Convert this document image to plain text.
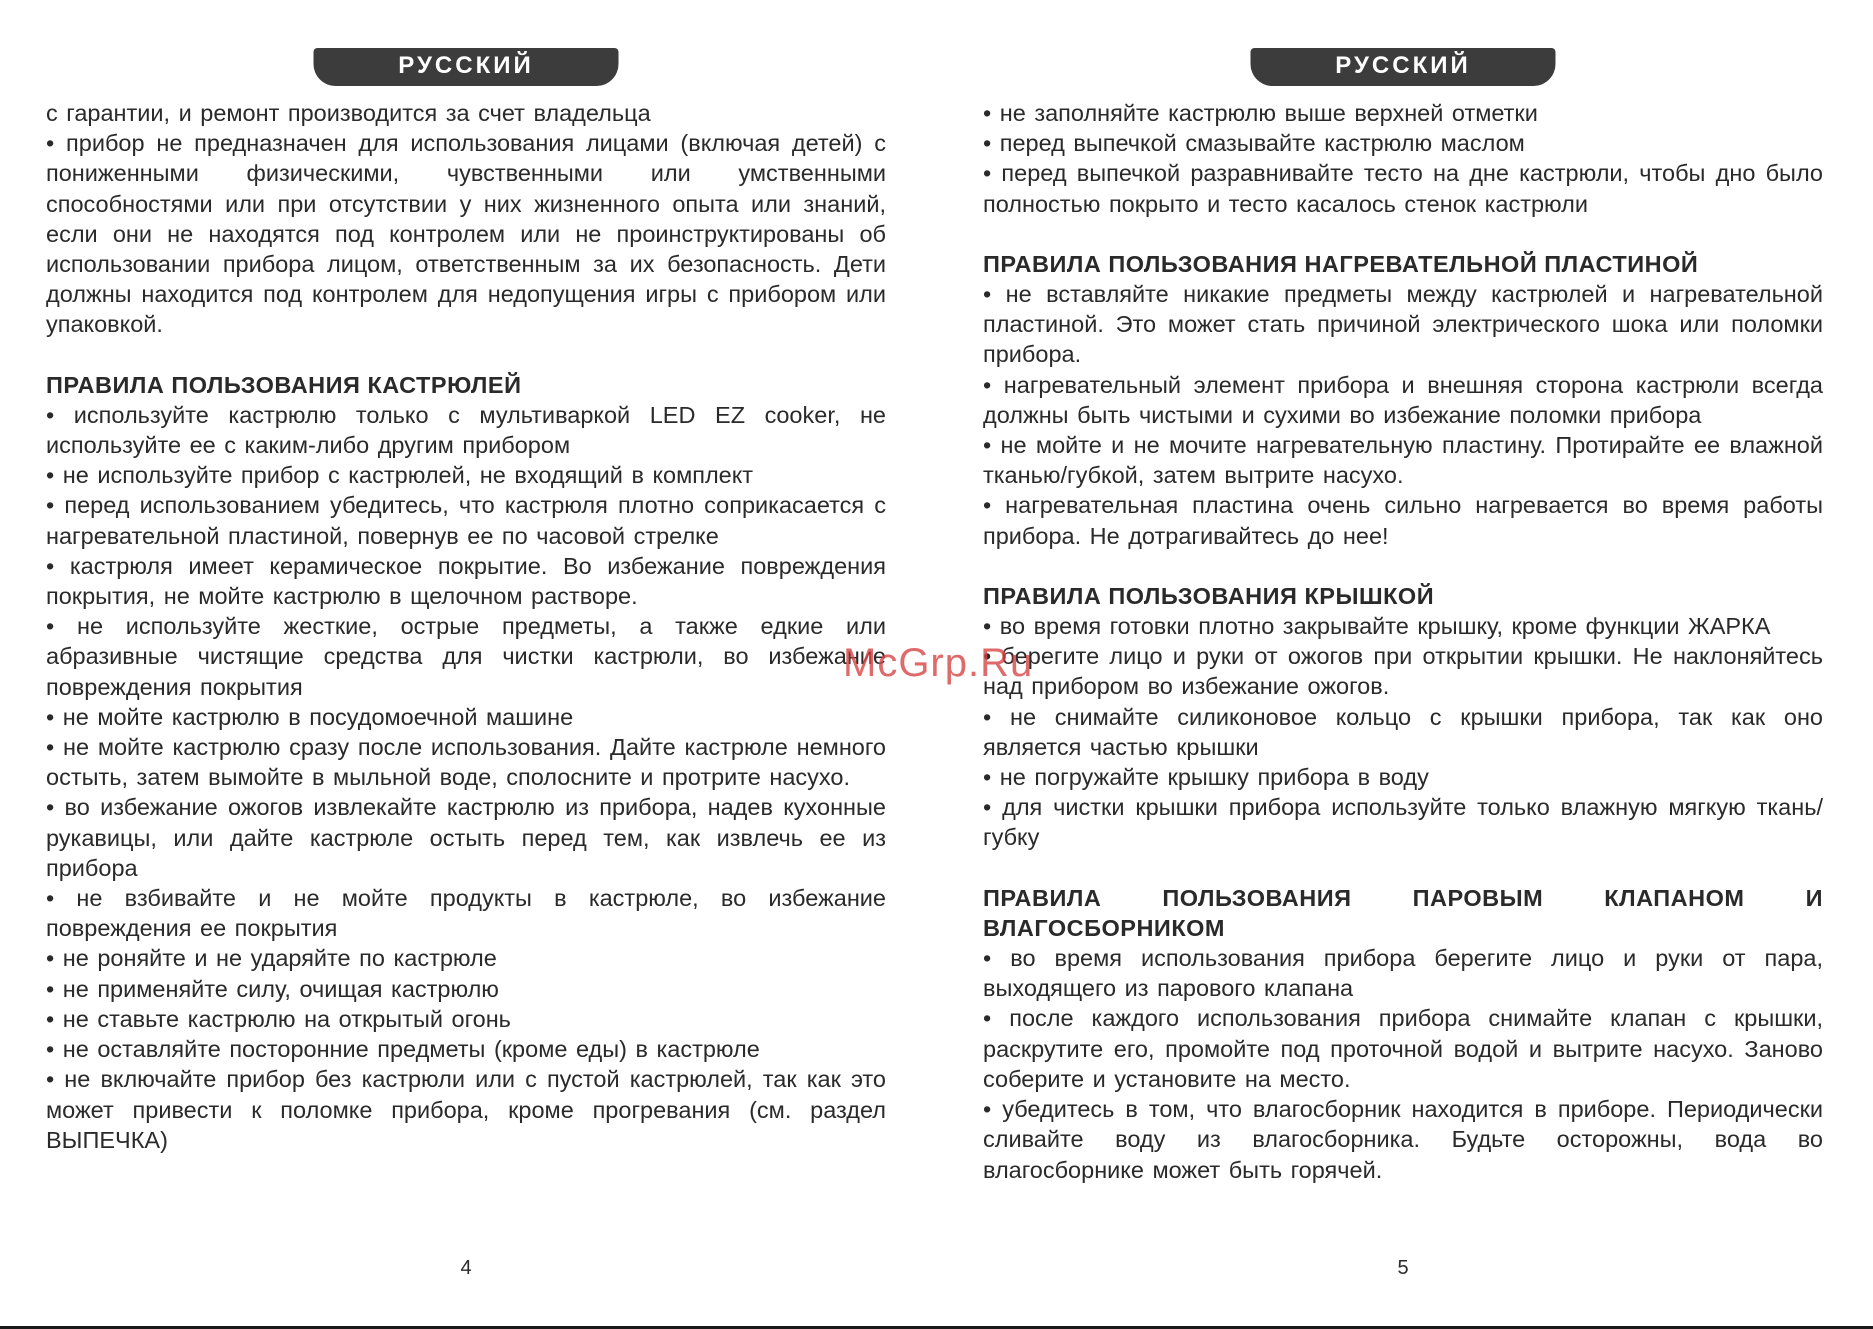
РУССКИЙ

с гарантии, и ремонт производится за счет владельца

• прибор не предназначен для использования лицами (включая детей) с пониженными физическими, чувственными или умственными способностями или при отсутствии у них жизненного опыта или знаний, если они не находятся под контролем или не проинструктированы об использовании прибора лицом, ответственным за их безопасность. Дети должны находится под контролем для недопущения игры с прибором или упаковкой.

ПРАВИЛА ПОЛЬЗОВАНИЯ КАСТРЮЛЕЙ

• используйте кастрюлю только с мультиваркой LED EZ cooker, не используйте ее с каким-либо другим прибором

• не используйте прибор с кастрюлей, не входящий в комплект

• перед использованием убедитесь, что кастрюля плотно соприкасается с нагревательной пластиной, повернув ее по часовой стрелке

• кастрюля имеет керамическое покрытие. Во избежание повреждения покрытия, не мойте кастрюлю в щелочном растворе.

• не используйте жесткие, острые предметы, а также едкие или абразивные чистящие средства для чистки кастрюли, во избежание повреждения покрытия

• не мойте кастрюлю в посудомоечной машине

• не мойте кастрюлю сразу после использования. Дайте кастрюле немного остыть, затем вымойте в мыльной воде, сполосните и протрите насухо.

• во избежание ожогов извлекайте кастрюлю из прибора, надев кухонные рукавицы, или дайте кастрюле остыть перед тем, как извлечь ее из прибора

• не взбивайте и не мойте продукты в кастрюле, во избежание повреждения ее покрытия

• не роняйте и не ударяйте по кастрюле

• не применяйте силу, очищая кастрюлю

• не ставьте кастрюлю на открытый огонь

• не оставляйте посторонние предметы (кроме еды) в кастрюле

• не включайте прибор без кастрюли или с пустой кастрюлей, так как это может привести к поломке прибора, кроме прогревания (см. раздел ВЫПЕЧКА)

4
РУССКИЙ

• не заполняйте кастрюлю выше верхней отметки

• перед выпечкой смазывайте кастрюлю маслом

• перед выпечкой разравнивайте тесто на дне кастрюли, чтобы дно было полностью покрыто и тесто касалось стенок кастрюли

ПРАВИЛА ПОЛЬЗОВАНИЯ НАГРЕВАТЕЛЬНОЙ ПЛАСТИНОЙ

• не вставляйте никакие предметы между кастрюлей и нагревательной пластиной. Это может стать причиной электрического шока или поломки прибора.

• нагревательный элемент прибора и внешняя сторона кастрюли всегда должны быть чистыми и сухими во избежание поломки прибора

• не мойте и не мочите нагревательную пластину. Протирайте ее влажной тканью/губкой, затем вытрите насухо.

• нагревательная пластина очень сильно нагревается во время работы прибора. Не дотрагивайтесь до нее!

ПРАВИЛА ПОЛЬЗОВАНИЯ КРЫШКОЙ

• во время готовки плотно закрывайте крышку, кроме функции ЖАРКА

• берегите лицо и руки от ожогов при открытии крышки. Не наклоняйтесь над прибором во избежание ожогов.

• не снимайте силиконовое кольцо с крышки прибора, так как оно является частью крышки

• не погружайте крышку прибора в воду

• для чистки крышки прибора используйте только влажную мягкую ткань/губку

ПРАВИЛА ПОЛЬЗОВАНИЯ ПАРОВЫМ КЛАПАНОМ И ВЛАГОСБОРНИКОМ

• во время использования прибора берегите лицо и руки от пара, выходящего из парового клапана

• после каждого использования прибора снимайте клапан с крышки, раскрутите его, промойте под проточной водой и вытрите насухо. Заново соберите и установите на место.

• убедитесь в том, что влагосборник находится в приборе. Периодически сливайте воду из влагосборника. Будьте осторожны, вода во влагосборнике может быть горячей.

5
McGrp.Ru
